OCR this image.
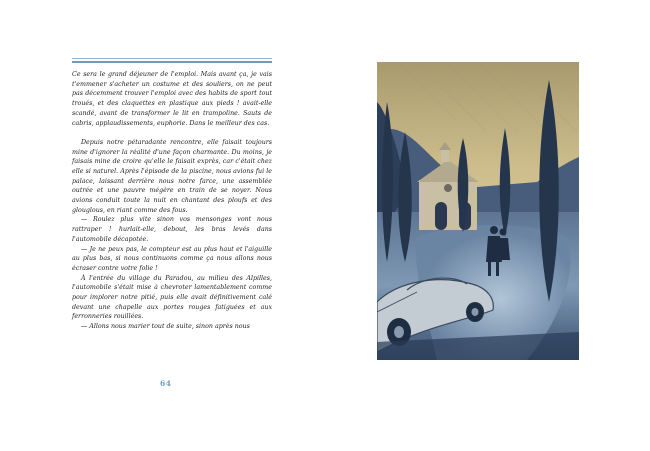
Ce sera le grand déjeuner de l'emploi. Mais avant ça, je vais t'emmener s'acheter un costume et des souliers, on ne peut pas décemment trouver l'emploi avec des habits de sport tout troués, et des claquettes en plastique aux pieds ! avait-elle scandé, avant de transformer le lit en trampoline. Sauts de cabris, applaudissements, euphorie. Dans le meilleur des cas.

Depuis notre pétaradante rencontre, elle faisait toujours mine d'ignorer la réalité d'une façon charmante. Du moins, je faisais mine de croire qu'elle le faisait exprès, car c'était chez elle si naturel. Après l'épisode de la piscine, nous avions fui le palace, laissant derrière nous notre farce, une assemblée outrée et une pauvre mégère en train de se noyer. Nous avions conduit toute la nuit en chantant des ploufs et des glouglous, en riant comme des fous.

— Roulez plus vite sinon vos mensonges vont nous rattraper ! hurlait-elle, debout, les bras levés dans l'automobile décapotée.

— Je ne peux pas, le compteur est au plus haut et l'aiguille au plus bas, si nous continuons comme ça nous allons nous écraser contre votre folie !

À l'entrée du village du Paradou, au milieu des Alpilles, l'automobile s'était mise à chevroter lamentablement comme pour implorer notre pitié, puis elle avait définitivement calé devant une chapelle aux portes rouges fatiguées et aux ferronneries rouillées.

— Allons nous marier tout de suite, sinon après nous

64
